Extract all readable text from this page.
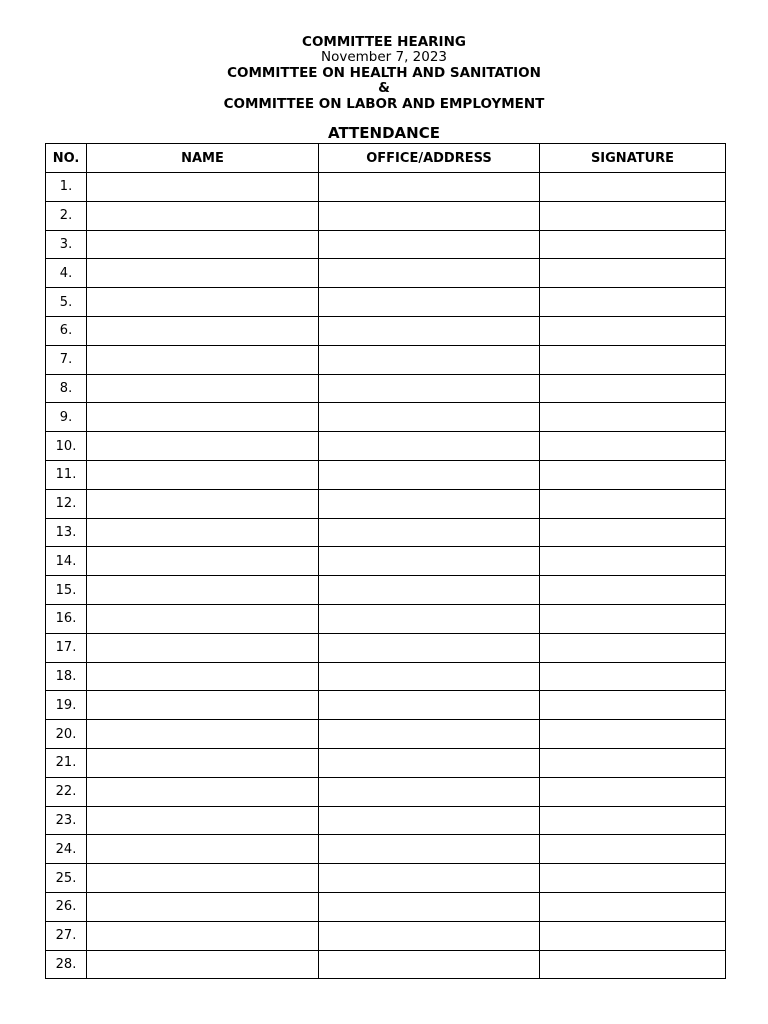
COMMITTEE HEARING
November 7, 2023
COMMITTEE ON HEALTH AND SANITATION
&
COMMITTEE ON LABOR AND EMPLOYMENT
ATTENDANCE
NO.	NAME	OFFICE/ADDRESS	SIGNATURE
1.			
2.			
3.			
4.			
5.			
6.			
7.			
8.			
9.			
10.			
11.			
12.			
13.			
14.			
15.			
16.			
17.			
18.			
19.			
20.			
21.			
22.			
23.			
24.			
25.			
26.			
27.			
28.			
